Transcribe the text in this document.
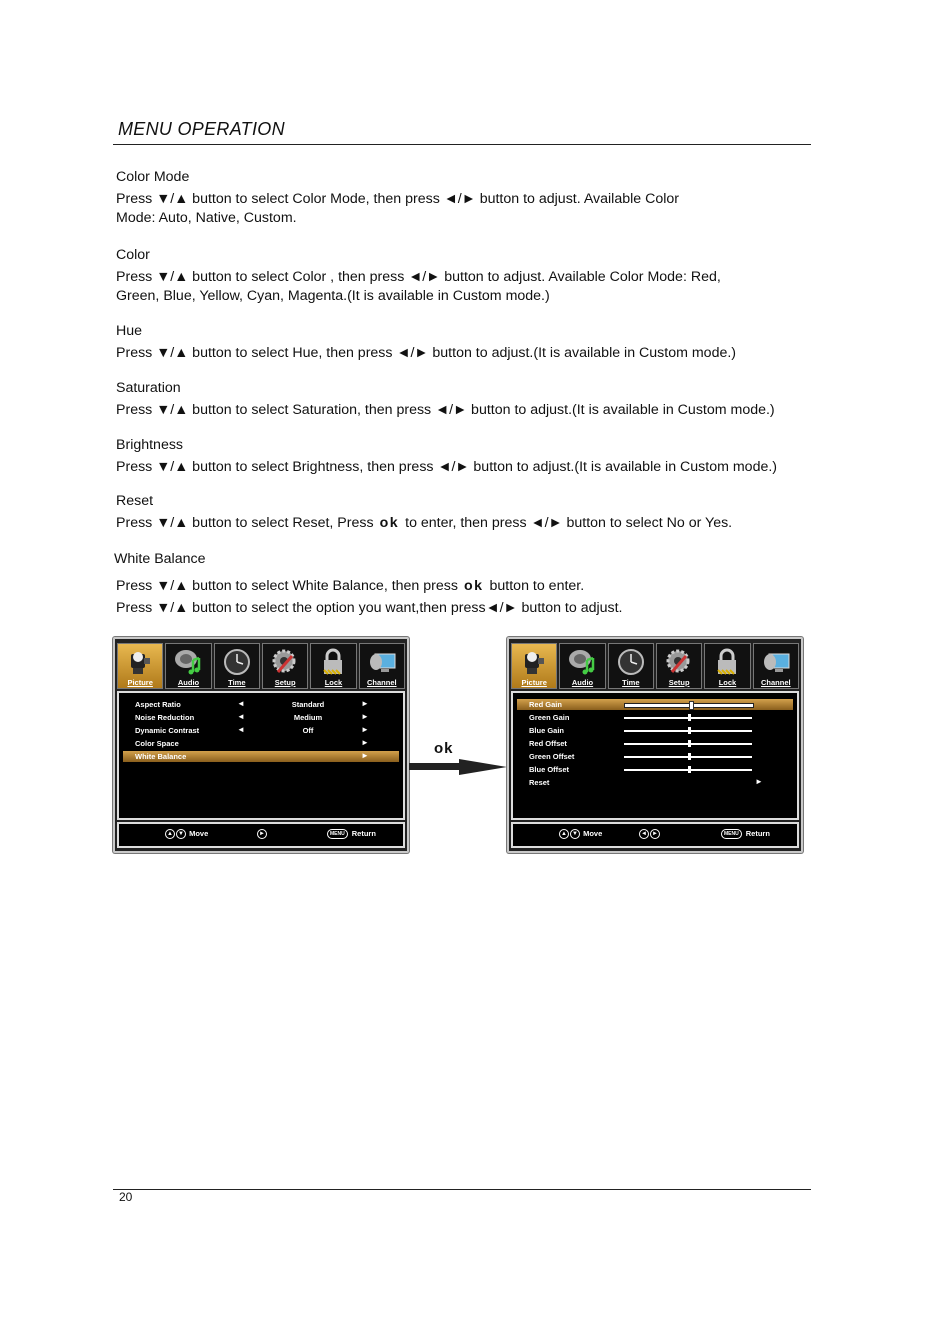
MENU OPERATION
Color Mode
Press ▼/▲ button to select Color Mode, then press ◄/► button to adjust. Available Color
Mode: Auto, Native, Custom.
Color
Press ▼/▲ button to select Color , then press ◄/► button to adjust. Available Color Mode: Red,
Green, Blue, Yellow, Cyan, Magenta.(It is available in Custom mode.)
Hue
Press ▼/▲ button to select Hue, then press ◄/► button to adjust.(It is available in Custom mode.)
Saturation
Press ▼/▲ button to select Saturation, then press ◄/► button to adjust.(It is available in Custom mode.)
Brightness
Press ▼/▲ button to select Brightness, then press ◄/► button to adjust.(It is available in Custom mode.)
Reset
Press ▼/▲ button to select Reset, Press ok to enter, then press ◄/► button to select No or Yes.
White Balance
Press ▼/▲ button to select White Balance, then press ok button to enter.
Press ▼/▲ button to select the option you want,then press◄/► button to adjust.
Picture	Audio	Time	Setup	Lock	Channel
Aspect Ratio	◄	Standard	►
Noise Reduction	◄	Medium	►
Dynamic Contrast	◄	Off	►
Color Space	►
White Balance	►
▲ ▼ Move	►	MENU Return
ok
Picture	Audio	Time	Setup	Lock	Channel
Red Gain
Green Gain
Blue Gain
Red Offset
Green Offset
Blue Offset
Reset	►
▲ ▼ Move	◄ ►	MENU Return
20
